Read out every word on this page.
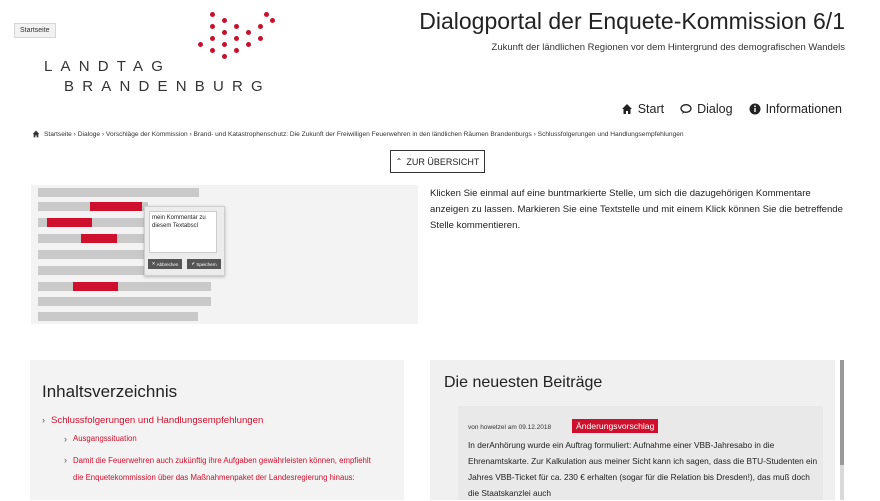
Startseite
LANDTAG
BRANDENBURG
Dialogportal der Enquete-Kommission 6/1
Zukunft der ländlichen Regionen vor dem Hintergrund des demografischen Wandels
Start	Dialog	Informationen
Startseite › Dialoge › Vorschläge der Kommission › Brand- und Katastrophenschutz: Die Zukunft der Freiwilligen Feuerwehren in den ländlichen Räumen Brandenburgs › Schlussfolgerungen und Handlungsempfehlungen
⌃ ZUR ÜBERSICHT
mein Kommentar zu diesem Textabscl
✕ Abbrechen	✔ Speichern
Klicken Sie einmal auf eine buntmarkierte Stelle, um sich die dazugehörigen Kommentare anzeigen zu lassen. Markieren Sie eine Textstelle und mit einem Klick können Sie die betreffende Stelle kommentieren.
Inhaltsverzeichnis
› Schlussfolgerungen und Handlungsempfehlungen
› Ausgangssituation
› Damit die Feuerwehren auch zukünftig ihre Aufgaben gewährleisten können, empfiehlt die Enquetekommission über das Maßnahmenpaket der Landesregierung hinaus:
Die neuesten Beiträge
von howetzel am 09.12.2018	Änderungsvorschlag
In derAnhörung wurde ein Auftrag formuliert: Aufnahme einer VBB-Jahresabo in die Ehrenamtskarte. Zur Kalkulation aus meiner Sicht kann ich sagen, dass die BTU-Studenten ein Jahres VBB-Ticket für ca. 230 € erhalten (sogar für die Relation bis Dresden!), das muß doch die Staatskanzlei auch
